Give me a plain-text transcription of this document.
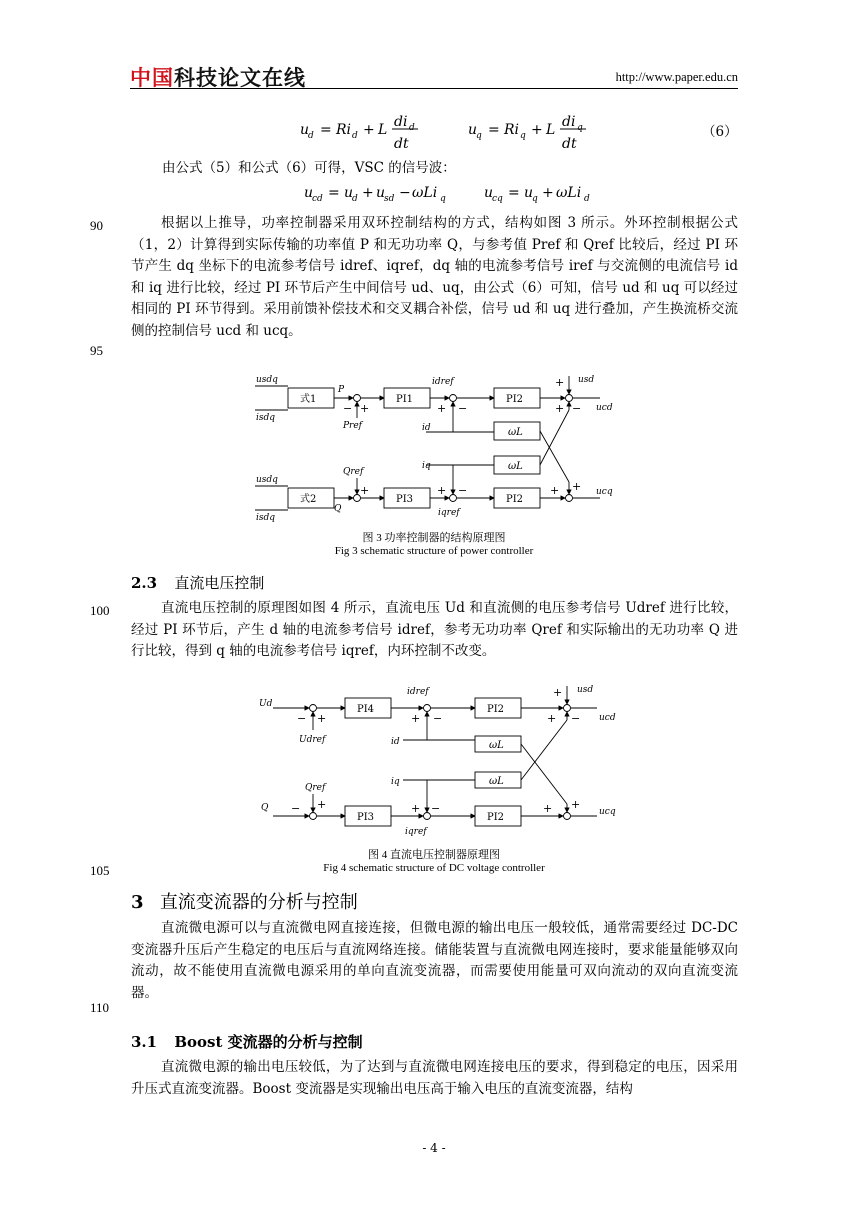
中国科技论文在线	http://www.paper.edu.cn
u
d = Ri d + L di d
dt
u
q = Ri q + L di q
dt
（6）
由公式（5）和公式（6）可得，VSC 的信号波：
u
cd = u
d + u
sd − ωLi q	u
cq = u
q + ωLi d
90
95
100
105
110
根据以上推导，功率控制器采用双环控制结构的方式，结构如图 3 所示。外环控制根据公式（1，2）计算得到实际传输的功率值 P 和无功功率 Q，与参考值 Pref 和 Qref 比较后，经过 PI 环节产生 dq 坐标下的电流参考信号 idref、iqref，dq 轴的电流参考信号 iref 与交流侧的电流信号 id 和 iq 进行比较，经过 PI 环节后产生中间信号 ud、uq，由公式（6）可知，信号 ud 和 uq 可以经过相同的 PI 环节得到。采用前馈补偿技术和交叉耦合补偿，信号 ud 和 uq 进行叠加，产生换流桥交流侧的控制信号 ucd 和 ucq。
式1	PI1	PI2
ωL
ωL
式2	PI3	PI2
usdq
isdq
P
Pref
idref
id
usd
ucd
iq
Qref
usdq
isdq
Q	iqref
ucq
− +	+ −
+
+ −
+	+ −	+ +
图 3 功率控制器的结构原理图
Fig 3 schematic structure of power controller
2.3 直流电压控制
直流电压控制的原理图如图 4 所示，直流电压 Ud 和直流侧的电压参考信号 Udref 进行比较，经过 PI 环节后，产生 d 轴的电流参考信号 idref，参考无功功率 Qref 和实际输出的无功功率 Q 进行比较，得到 q 轴的电流参考信号 iqref，内环控制不改变。
PI4	PI2
ωL
ωL
PI3	PI2
Ud
Udref
idref
id
usd
ucd
iq
Qref
Q
iqref
ucq
− +	+ −
+
+ −
− +	+ −	+ +
图 4 直流电压控制器原理图
Fig 4 schematic structure of DC voltage controller
3 直流变流器的分析与控制
直流微电源可以与直流微电网直接连接，但微电源的输出电压一般较低，通常需要经过 DC-DC 变流器升压后产生稳定的电压后与直流网络连接。储能装置与直流微电网连接时，要求能量能够双向流动，故不能使用直流微电源采用的单向直流变流器，而需要使用能量可双向流动的双向直流变流器。
3.1 Boost 变流器的分析与控制
直流微电源的输出电压较低，为了达到与直流微电网连接电压的要求，得到稳定的电压，因采用升压式直流变流器。Boost 变流器是实现输出电压高于输入电压的直流变流器，结构
- 4 -
